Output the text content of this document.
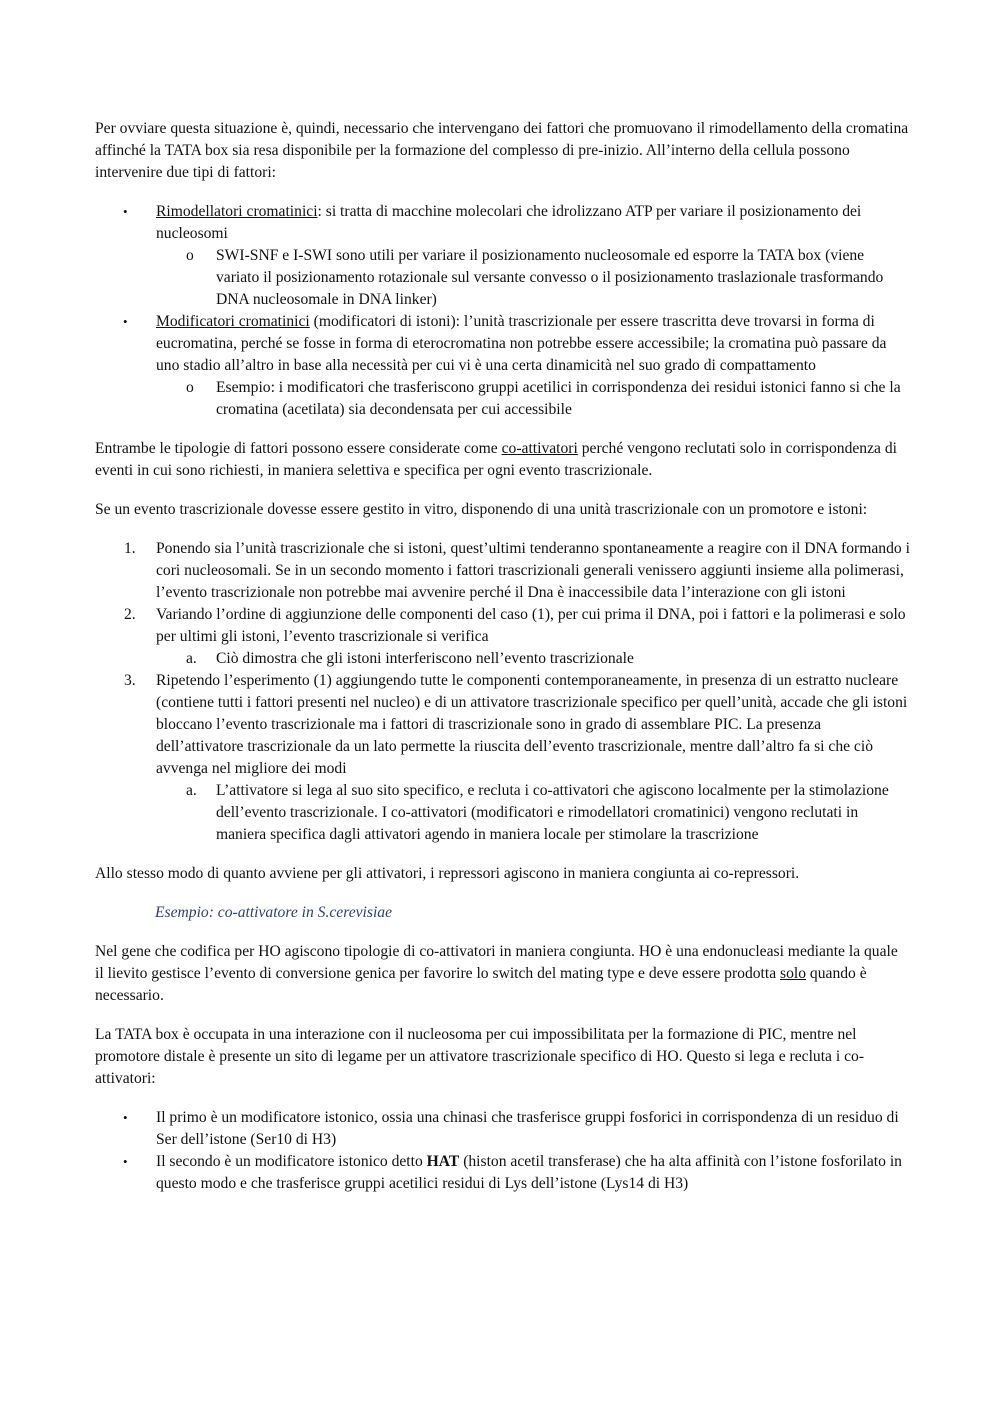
Per ovviare questa situazione è, quindi, necessario che intervengano dei fattori che promuovano il rimodellamento della cromatina affinché la TATA box sia resa disponibile per la formazione del complesso di pre-inizio. All’interno della cellula possono intervenire due tipi di fattori:

•	Rimodellatori cromatinici: si tratta di macchine molecolari che idrolizzano ATP per variare il posizionamento dei nucleosomi
o SWI-SNF e I-SWI sono utili per variare il posizionamento nucleosomale ed esporre la TATA box (viene variato il posizionamento rotazionale sul versante convesso o il posizionamento traslazionale trasformando DNA nucleosomale in DNA linker)
•	Modificatori cromatinici (modificatori di istoni): l’unità trascrizionale per essere trascritta deve trovarsi in forma di eucromatina, perché se fosse in forma di eterocromatina non potrebbe essere accessibile; la cromatina può passare da uno stadio all’altro in base alla necessità per cui vi è una certa dinamicità nel suo grado di compattamento
o Esempio: i modificatori che trasferiscono gruppi acetilici in corrispondenza dei residui istonici fanno si che la cromatina (acetilata) sia decondensata per cui accessibile

Entrambe le tipologie di fattori possono essere considerate come co-attivatori perché vengono reclutati solo in corrispondenza di eventi in cui sono richiesti, in maniera selettiva e specifica per ogni evento trascrizionale.

Se un evento trascrizionale dovesse essere gestito in vitro, disponendo di una unità trascrizionale con un promotore e istoni:

1.	Ponendo sia l’unità trascrizionale che si istoni, quest’ultimi tenderanno spontaneamente a reagire con il DNA formando i cori nucleosomali. Se in un secondo momento i fattori trascrizionali generali venissero aggiunti insieme alla polimerasi, l’evento trascrizionale non potrebbe mai avvenire perché il Dna è inaccessibile data l’interazione con gli istoni
2.	Variando l’ordine di aggiunzione delle componenti del caso (1), per cui prima il DNA, poi i fattori e la polimerasi e solo per ultimi gli istoni, l’evento trascrizionale si verifica
a. Ciò dimostra che gli istoni interferiscono nell’evento trascrizionale
3.	Ripetendo l’esperimento (1) aggiungendo tutte le componenti contemporaneamente, in presenza di un estratto nucleare (contiene tutti i fattori presenti nel nucleo) e di un attivatore trascrizionale specifico per quell’unità, accade che gli istoni bloccano l’evento trascrizionale ma i fattori di trascrizionale sono in grado di assemblare PIC. La presenza dell’attivatore trascrizionale da un lato permette la riuscita dell’evento trascrizionale, mentre dall’altro fa si che ciò avvenga nel migliore dei modi
a. L’attivatore si lega al suo sito specifico, e recluta i co-attivatori che agiscono localmente per la stimolazione dell’evento trascrizionale. I co-attivatori (modificatori e rimodellatori cromatinici) vengono reclutati in maniera specifica dagli attivatori agendo in maniera locale per stimolare la trascrizione

Allo stesso modo di quanto avviene per gli attivatori, i repressori agiscono in maniera congiunta ai co-repressori.

Esempio: co-attivatore in S.cerevisiae

Nel gene che codifica per HO agiscono tipologie di co-attivatori in maniera congiunta. HO è una endonucleasi mediante la quale il lievito gestisce l’evento di conversione genica per favorire lo switch del mating type e deve essere prodotta solo quando è necessario.

La TATA box è occupata in una interazione con il nucleosoma per cui impossibilitata per la formazione di PIC, mentre nel promotore distale è presente un sito di legame per un attivatore trascrizionale specifico di HO. Questo si lega e recluta i co-attivatori:

•	Il primo è un modificatore istonico, ossia una chinasi che trasferisce gruppi fosforici in corrispondenza di un residuo di Ser dell’istone (Ser10 di H3)
•	Il secondo è un modificatore istonico detto HAT (histon acetil transferase) che ha alta affinità con l’istone fosforilato in questo modo e che trasferisce gruppi acetilici residui di Lys dell’istone (Lys14 di H3)
